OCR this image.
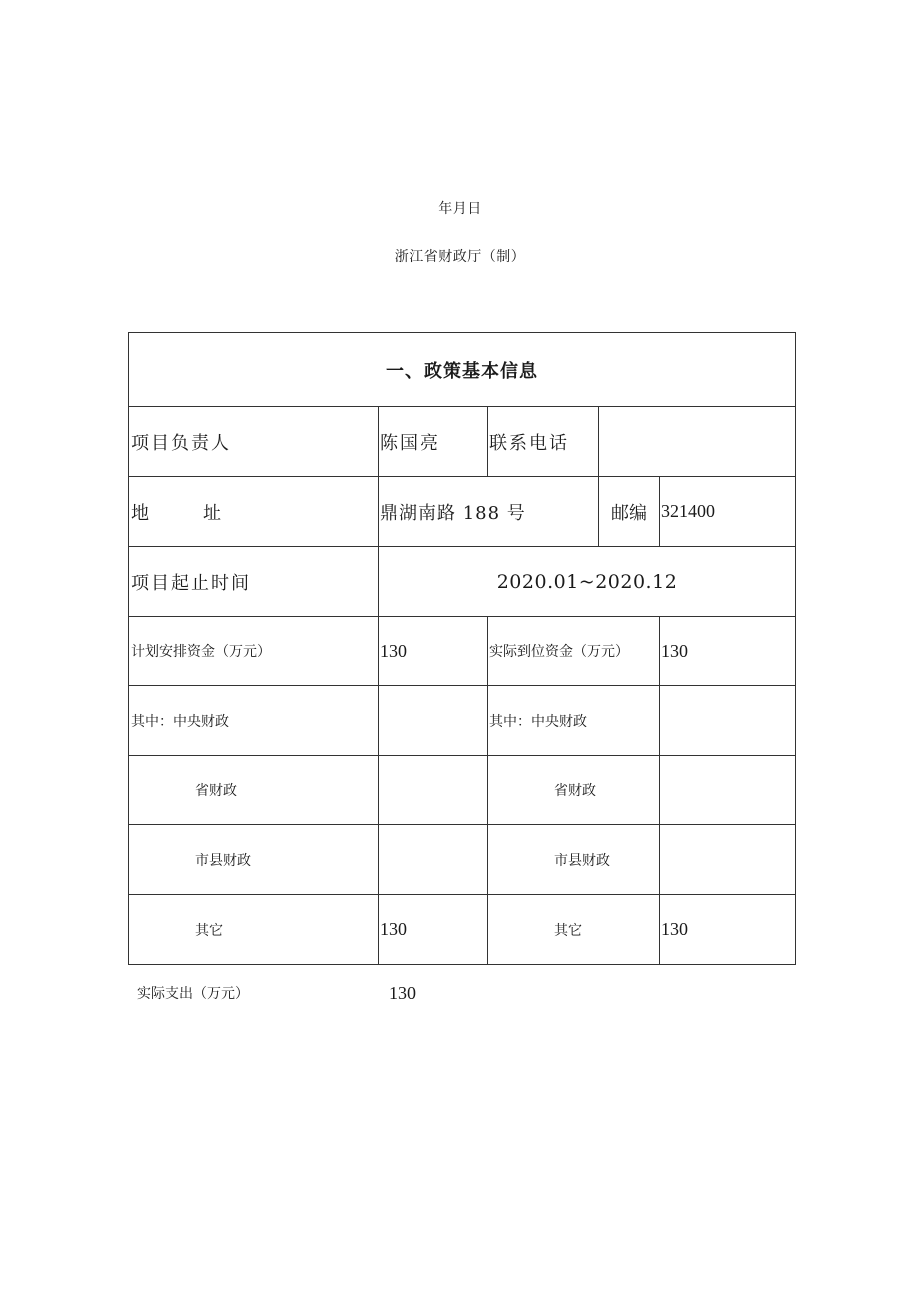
年月日
浙江省财政厅（制）
一、政策基本信息
项目负责人	陈国亮	联系电话
地	址	鼎湖南路 188 号	邮编 321400
项目起止时间	2020.01~2020.12
计划安排资金（万元）	130	实际到位资金（万元）	130
其中：中央财政	其中：中央财政
省财政	省财政
市县财政	市县财政
其它	130	其它	130
实际支出（万元）	130
